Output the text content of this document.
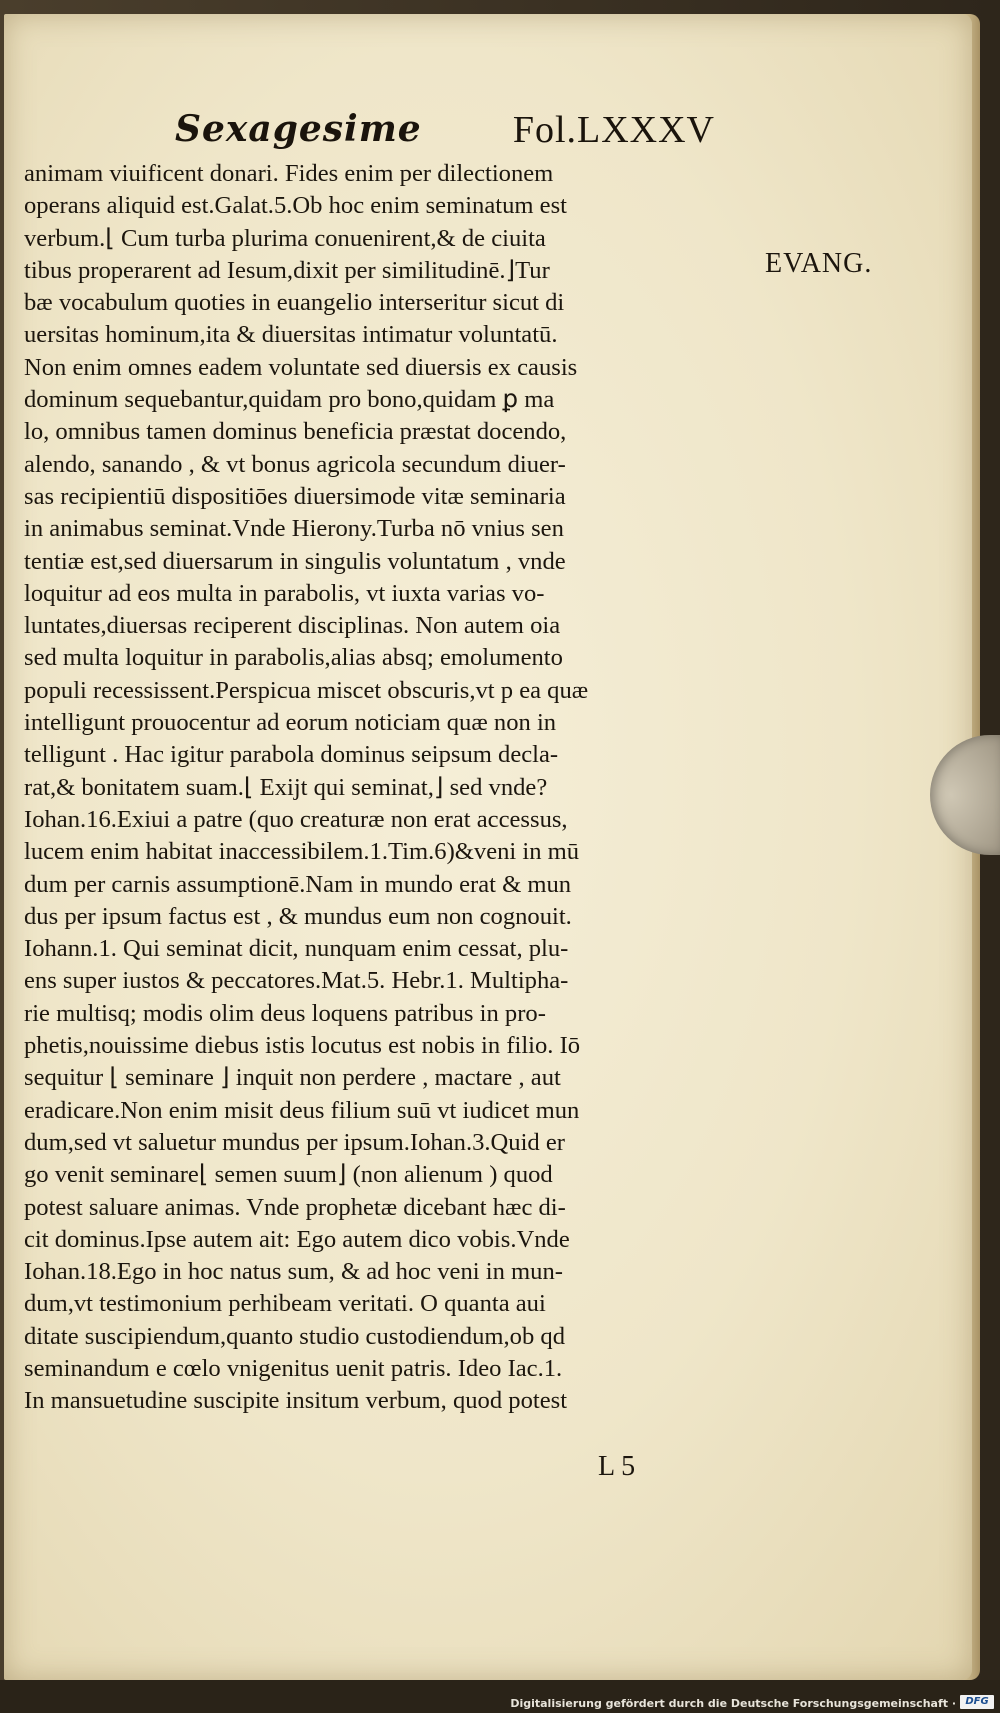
Sexagesime Fol.LXXXV
EVANG.
animam viuificent donari. Fides enim per dilectionem
operans aliquid est.Galat.5.Ob hoc enim seminatum est
verbum.⌊ Cum turba plurima conuenirent,& de ciuita
tibus properarent ad Iesum,dixit per similitudinē.⌋Tur
bæ vocabulum quoties in euangelio interseritur sicut di
uersitas hominum,ita & diuersitas intimatur voluntatū.
Non enim omnes eadem voluntate sed diuersis ex causis
dominum sequebantur,quidam pro bono,quidam ꝑ ma
lo, omnibus tamen dominus beneficia præstat docendo,
alendo, sanando , & vt bonus agricola secundum diuer-
sas recipientiū dispositiōes diuersimode vitæ seminaria
in animabus seminat.Vnde Hierony.Turba nō vnius sen
tentiæ est,sed diuersarum in singulis voluntatum , vnde
loquitur ad eos multa in parabolis, vt iuxta varias vo-
luntates,diuersas reciperent disciplinas. Non autem oia
sed multa loquitur in parabolis,alias absq; emolumento
populi recessissent.Perspicua miscet obscuris,vt p ea quæ
intelligunt prouocentur ad eorum noticiam quæ non in
telligunt . Hac igitur parabola dominus seipsum decla-
rat,& bonitatem suam.⌊ Exijt qui seminat,⌋ sed vnde?
Iohan.16.Exiui a patre (quo creaturæ non erat accessus,
lucem enim habitat inaccessibilem.1.Tim.6)&veni in mū
dum per carnis assumptionē.Nam in mundo erat & mun
dus per ipsum factus est , & mundus eum non cognouit.
Iohann.1. Qui seminat dicit, nunquam enim cessat, plu-
ens super iustos & peccatores.Mat.5. Hebr.1. Multipha-
rie multisq; modis olim deus loquens patribus in pro-
phetis,nouissime diebus istis locutus est nobis in filio. Iō
sequitur ⌊ seminare ⌋ inquit non perdere , mactare , aut
eradicare.Non enim misit deus filium suū vt iudicet mun
dum,sed vt saluetur mundus per ipsum.Iohan.3.Quid er
go venit seminare⌊ semen suum⌋ (non alienum ) quod
potest saluare animas. Vnde prophetæ dicebant hæc di-
cit dominus.Ipse autem ait: Ego autem dico vobis.Vnde
Iohan.18.Ego in hoc natus sum, & ad hoc veni in mun-
dum,vt testimonium perhibeam veritati. O quanta aui
ditate suscipiendum,quanto studio custodiendum,ob qd
seminandum e cœlo vnigenitus uenit patris. Ideo Iac.1.
In mansuetudine suscipite insitum verbum, quod potest
L 5
Digitalisierung gefördert durch die Deutsche Forschungsgemeinschaft · DFG
